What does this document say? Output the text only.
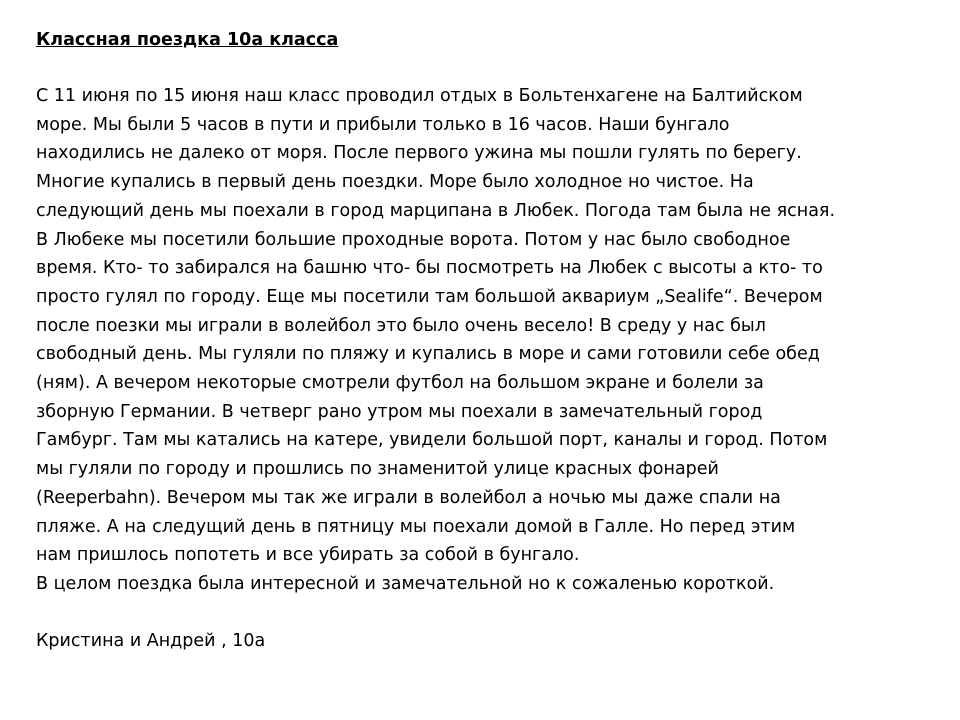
Классная поездка 10а класса

С 11 июня по 15 июня наш класс проводил отдых в Больтенхагене на Балтийском

море. Мы были 5 часов в пути и прибыли только в 16 часов. Наши бунгало

находились не далеко от моря. После первого ужина мы пошли гулять по берегу.

Многие купались в первый день поездки. Море было холодное но чистое. На

следующий день мы поехали в город марципана в Любек. Погода там была не ясная.

В Любеке мы посетили большие проходные ворота. Потом у нас было свободное

время. Кто- то забирался на башню что- бы посмотреть на Любек с высоты а кто- то

просто гулял по городу. Еще мы посетили там большой аквариум „Sealife“. Вечером

после поезки мы играли в волейбол это было очень весело! В среду у нас был

свободный день. Мы гуляли по пляжу и купались в море и сами готовили себе обед

(ням). А вечером некоторые смотрели футбол на большом экране и болели за

зборную Германии. В четверг рано утром мы поехали в замечательный город

Гамбург. Там мы катались на катере, увидели большой порт, каналы и город. Потом

мы гуляли по городу и прошлись по знаменитой улице красных фонарей

(Reeperbahn). Вечером мы так же играли в волейбол а ночью мы даже спали на

пляже. А на следущий день в пятницу мы поехали домой в Галле. Но перед этим

нам пришлось попотеть и все убирать за собой в бунгало.

В целом поездка была интересной и замечательной но к сожаленью короткой.

Кристина и Андрей , 10а
